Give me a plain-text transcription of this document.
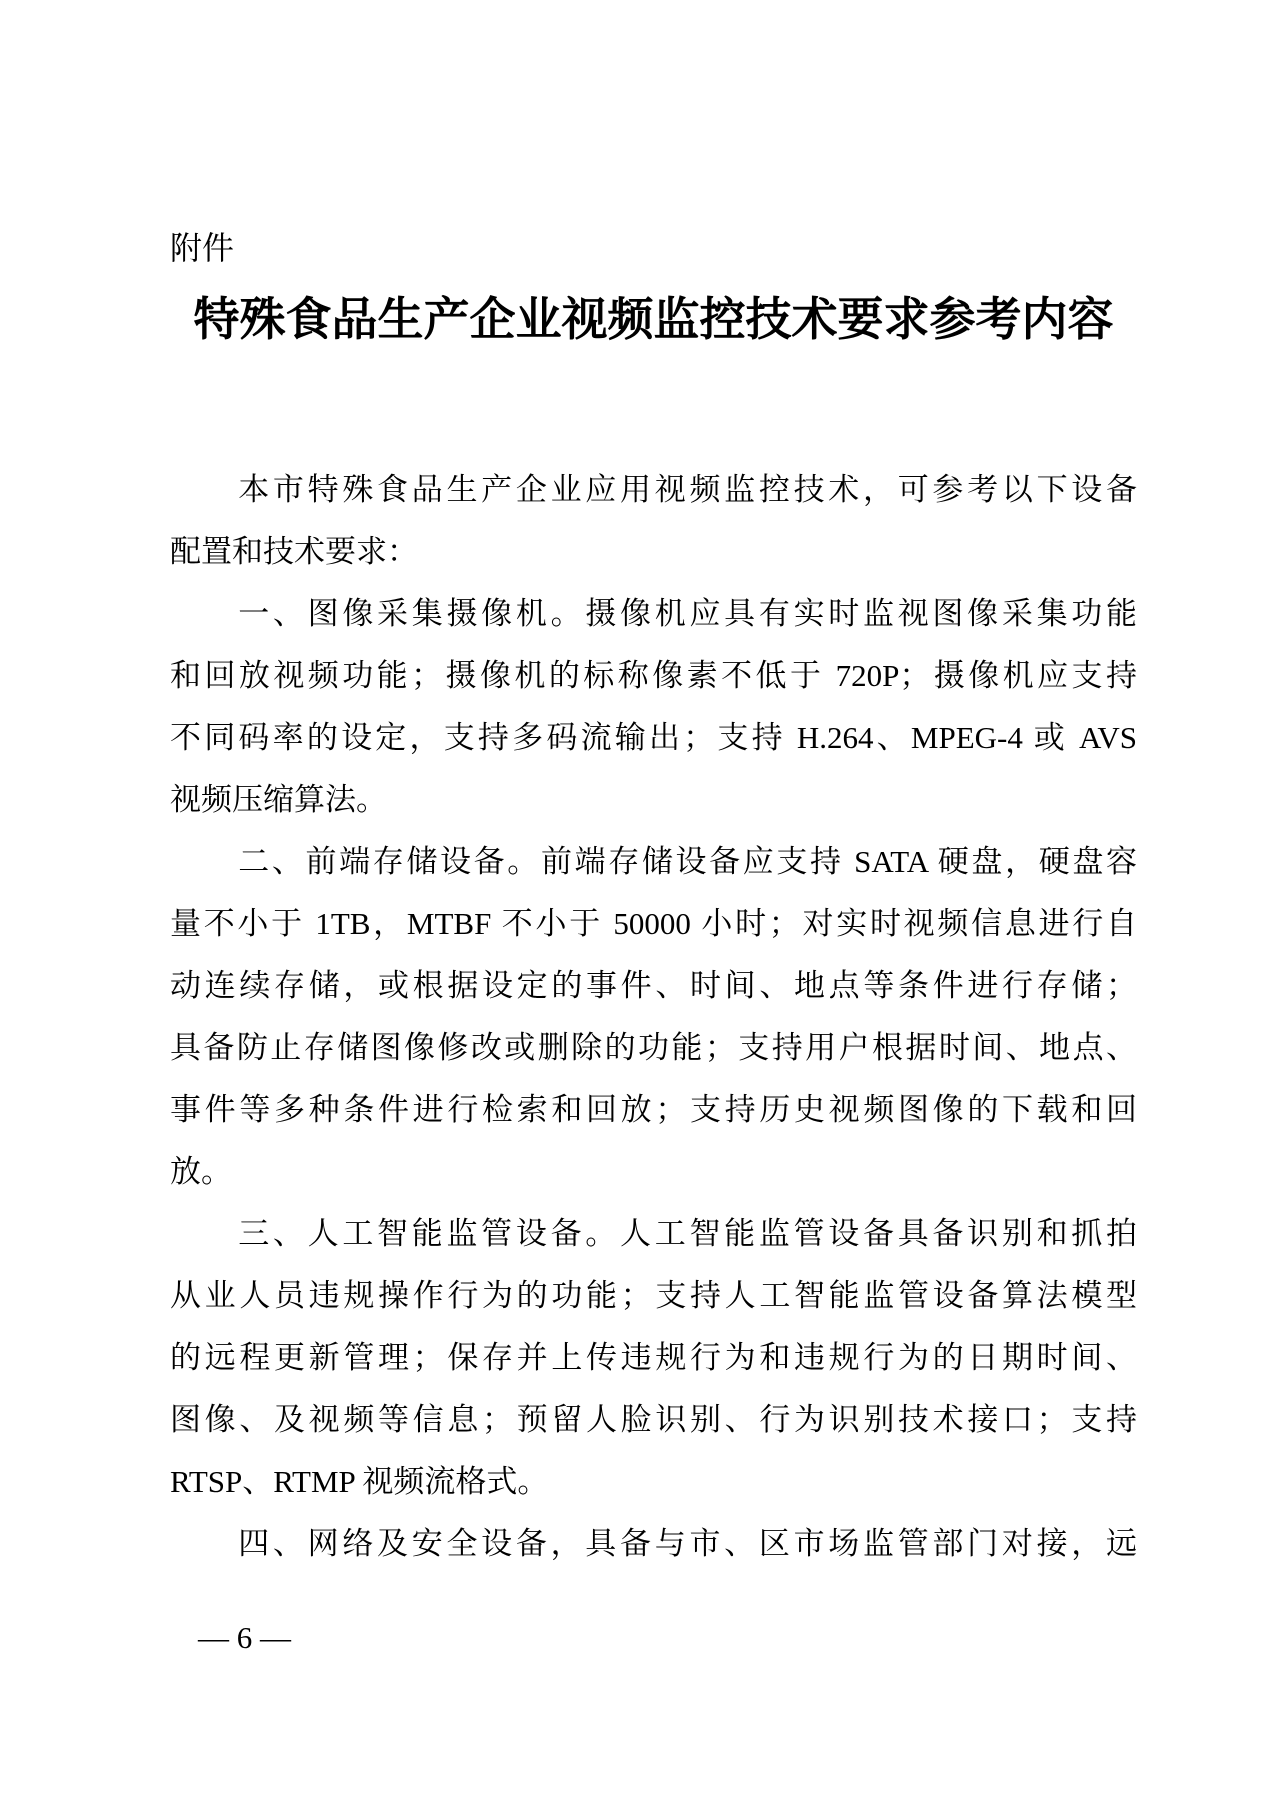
附件
特殊食品生产企业视频监控技术要求参考内容
本市特殊食品生产企业应用视频监控技术，可参考以下设备
配置和技术要求：
一、图像采集摄像机。摄像机应具有实时监视图像采集功能
和回放视频功能；摄像机的标称像素不低于 720P；摄像机应支持
不同码率的设定，支持多码流输出；支持 H.264、MPEG-4 或 AVS
视频压缩算法。
二、前端存储设备。前端存储设备应支持 SATA 硬盘，硬盘容
量不小于 1TB，MTBF 不小于 50000 小时；对实时视频信息进行自
动连续存储，或根据设定的事件、时间、地点等条件进行存储；
具备防止存储图像修改或删除的功能；支持用户根据时间、地点、
事件等多种条件进行检索和回放；支持历史视频图像的下载和回
放。
三、人工智能监管设备。人工智能监管设备具备识别和抓拍
从业人员违规操作行为的功能；支持人工智能监管设备算法模型
的远程更新管理；保存并上传违规行为和违规行为的日期时间、
图像、及视频等信息；预留人脸识别、行为识别技术接口；支持
RTSP、RTMP 视频流格式。
四、网络及安全设备，具备与市、区市场监管部门对接，远
— 6 —
